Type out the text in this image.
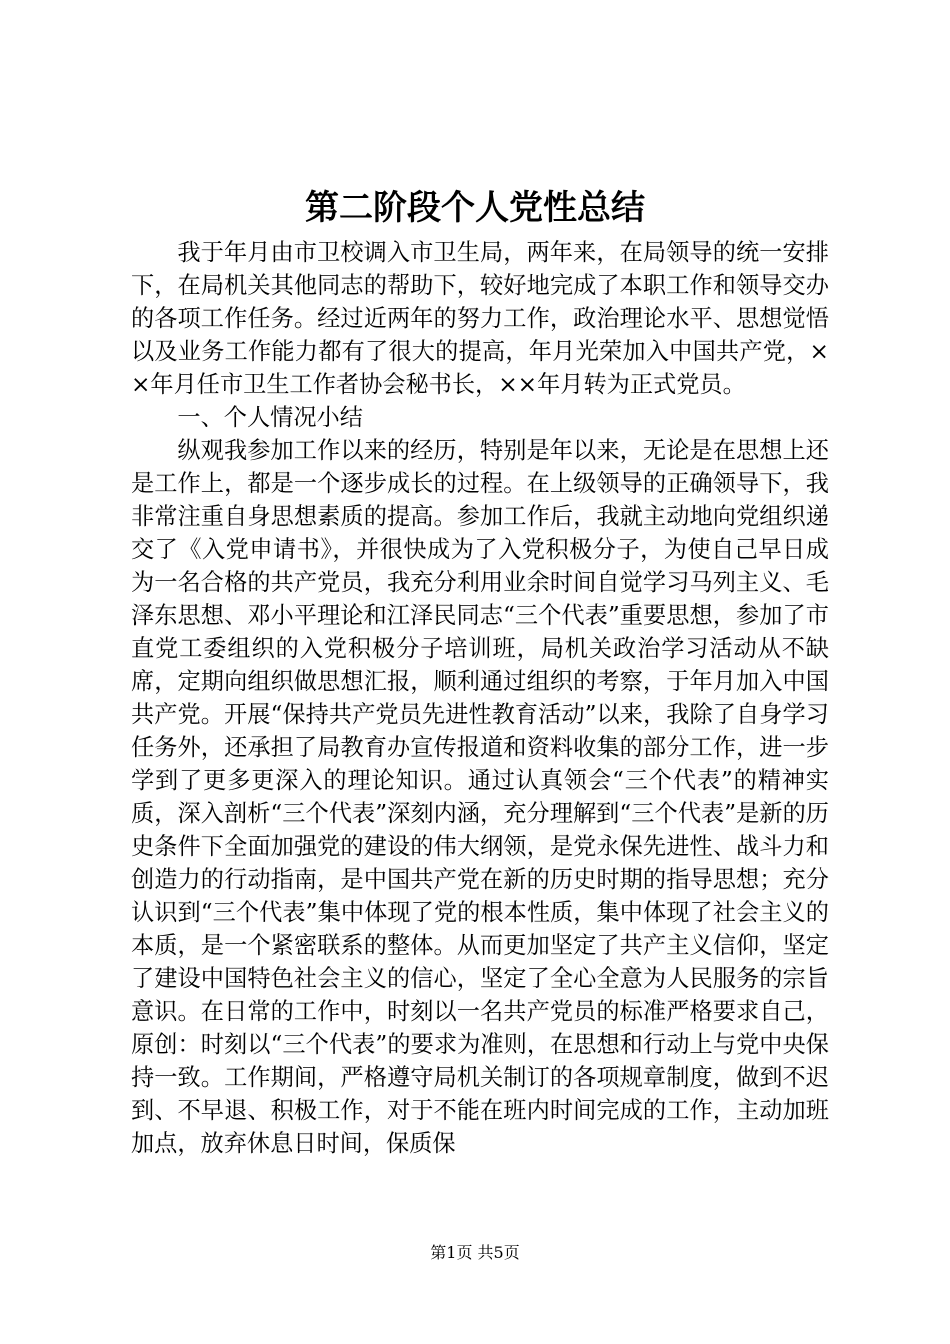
第二阶段个人党性总结

我于年月由市卫校调入市卫生局，两年来，在局领导的统一安排下，在局机关其他同志的帮助下，较好地完成了本职工作和领导交办的各项工作任务。经过近两年的努力工作，政治理论水平、思想觉悟以及业务工作能力都有了很大的提高，年月光荣加入中国共产党，××年月任市卫生工作者协会秘书长，××年月转为正式党员。

一、个人情况小结

纵观我参加工作以来的经历，特别是年以来，无论是在思想上还是工作上，都是一个逐步成长的过程。在上级领导的正确领导下，我非常注重自身思想素质的提高。参加工作后，我就主动地向党组织递交了《入党申请书》，并很快成为了入党积极分子，为使自己早日成为一名合格的共产党员，我充分利用业余时间自觉学习马列主义、毛泽东思想、邓小平理论和江泽民同志“三个代表”重要思想，参加了市直党工委组织的入党积极分子培训班，局机关政治学习活动从不缺席，定期向组织做思想汇报，顺利通过组织的考察，于年月加入中国共产党。开展“保持共产党员先进性教育活动”以来，我除了自身学习任务外，还承担了局教育办宣传报道和资料收集的部分工作，进一步学到了更多更深入的理论知识。通过认真领会“三个代表”的精神实质，深入剖析“三个代表”深刻内涵，充分理解到“三个代表”是新的历史条件下全面加强党的建设的伟大纲领，是党永保先进性、战斗力和创造力的行动指南，是中国共产党在新的历史时期的指导思想；充分认识到“三个代表”集中体现了党的根本性质，集中体现了社会主义的本质，是一个紧密联系的整体。从而更加坚定了共产主义信仰，坚定了建设中国特色社会主义的信心，坚定了全心全意为人民服务的宗旨意识。在日常的工作中，时刻以一名共产党员的标准严格要求自己，原创：时刻以“三个代表”的要求为准则，在思想和行动上与党中央保持一致。工作期间，严格遵守局机关制订的各项规章制度，做到不迟到、不早退、积极工作，对于不能在班内时间完成的工作，主动加班加点，放弃休息日时间，保质保

第1页 共5页
